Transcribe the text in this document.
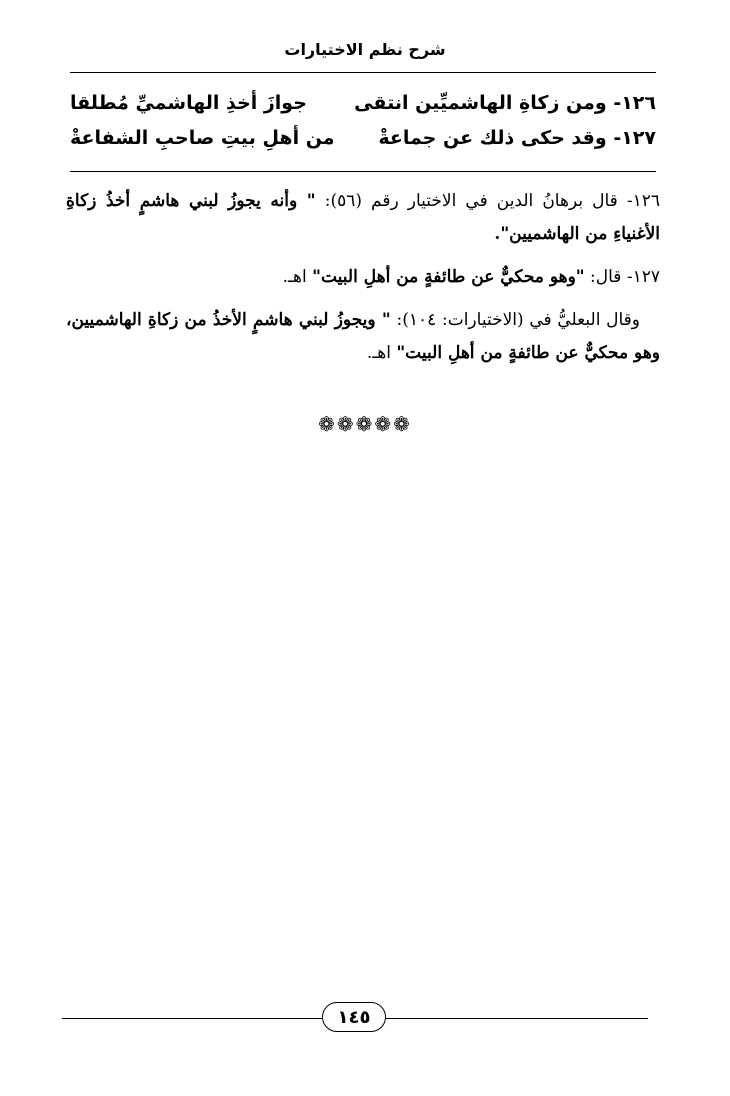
شرح نظم الاختيارات
١٢٦- ومن زكاةِ الهاشميِّين انتقى
جوازَ أخذِ الهاشميِّ مُطلقا
١٢٧- وقد حكى ذلك عن جماعةْ
من أهلِ بيتِ صاحبِ الشفاعةْ

١٢٦- قال برهانُ الدين في الاختيار رقم (٥٦): " وأنه يجوزُ لبني هاشمٍ أخذُ زكاةِ الأغنياءِ من الهاشميين".

١٢٧- قال: "وهو محكيٌّ عن طائفةٍ من أهلِ البيت" اهـ.

وقال البعليُّ في (الاختيارات: ١٠٤): " ويجوزُ لبني هاشمٍ الأخذُ من زكاةِ الهاشميين، وهو محكيٌّ عن طائفةٍ من أهلِ البيت" اهـ.

❁❁❁❁❁
١٤٥
